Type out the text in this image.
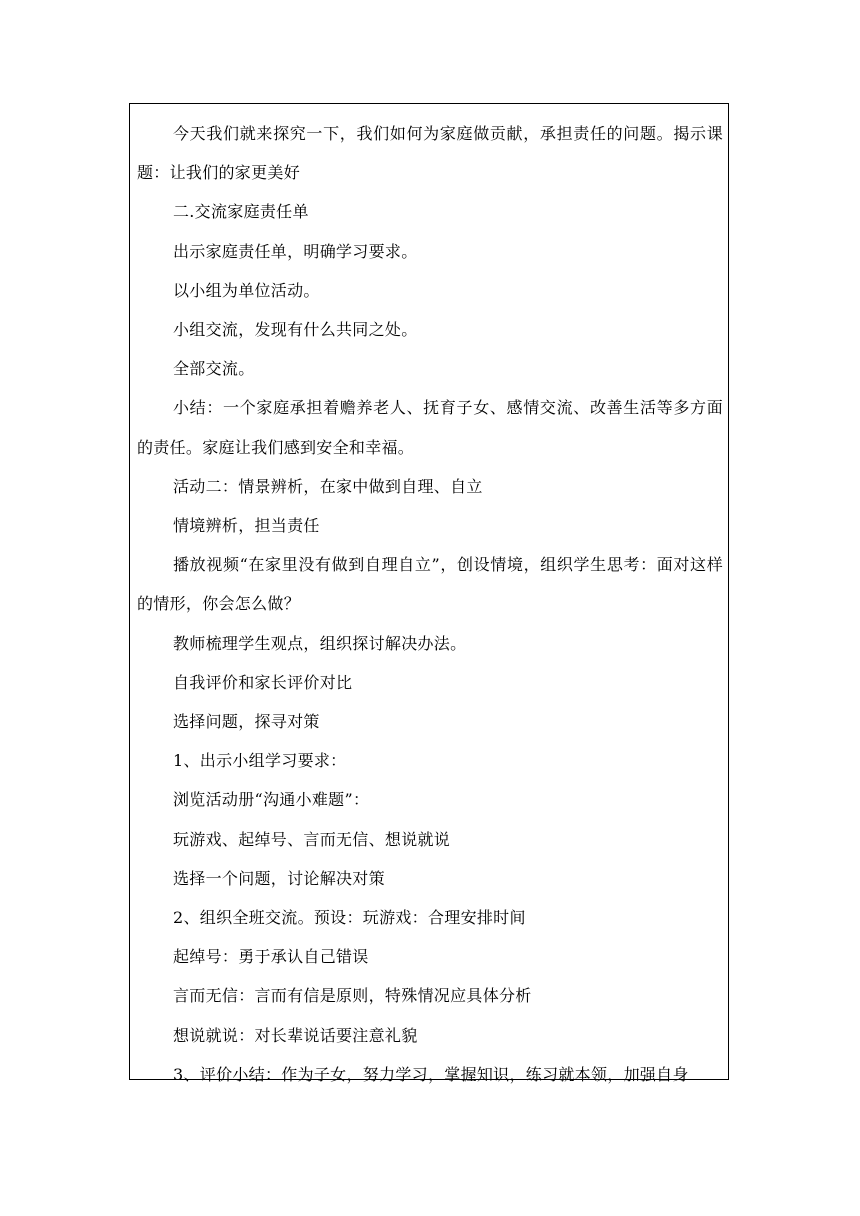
今天我们就来探究一下，我们如何为家庭做贡献，承担责任的问题。揭示课题：让我们的家更美好

二.交流家庭责任单

出示家庭责任单，明确学习要求。

以小组为单位活动。

小组交流，发现有什么共同之处。

全部交流。

小结：一个家庭承担着赡养老人、抚育子女、感情交流、改善生活等多方面的责任。家庭让我们感到安全和幸福。

活动二：情景辨析，在家中做到自理、自立

情境辨析，担当责任

播放视频“在家里没有做到自理自立”，创设情境，组织学生思考：面对这样的情形，你会怎么做？

教师梳理学生观点，组织探讨解决办法。

自我评价和家长评价对比

选择问题，探寻对策

1、出示小组学习要求：

浏览活动册“沟通小难题”：

玩游戏、起绰号、言而无信、想说就说

选择一个问题，讨论解决对策

2、组织全班交流。预设：玩游戏：合理安排时间

起绰号：勇于承认自己错误

言而无信：言而有信是原则，特殊情况应具体分析

想说就说：对长辈说话要注意礼貌

3、评价小结：作为子女，努力学习，掌握知识，练习就本领，加强自身
